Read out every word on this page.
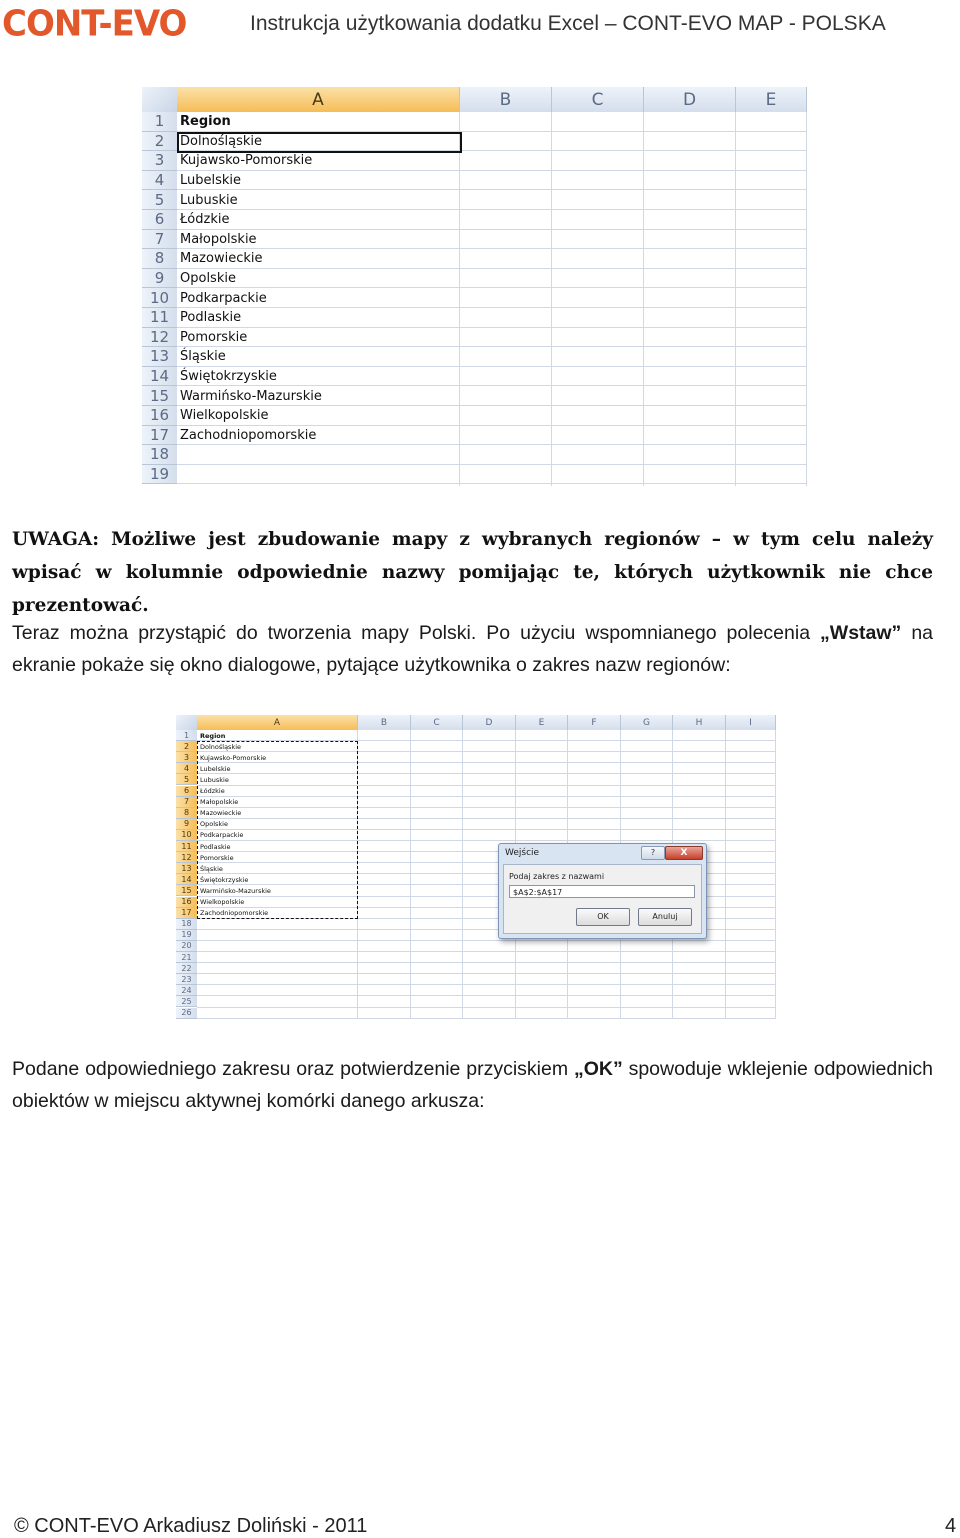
CONT-EVO	Instrukcja użytkowania dodatku Excel – CONT-EVO MAP - POLSKA
A	B	C	D	E
1	Region
2	Dolnośląskie
3	Kujawsko-Pomorskie
4	Lubelskie
5	Lubuskie
6	Łódzkie
7	Małopolskie
8	Mazowieckie
9	Opolskie
10 Podkarpackie
11 Podlaskie
12 Pomorskie
13 Śląskie
14 Świętokrzyskie
15 Warmińsko-Mazurskie
16 Wielkopolskie
17 Zachodniopomorskie
18
19
UWAGA: Możliwe jest zbudowanie mapy z wybranych regionów – w tym celu należy wpisać w kolumnie odpowiednie nazwy pomijając te, których użytkownik nie chce prezentować.
Teraz można przystąpić do tworzenia mapy Polski. Po użyciu wspomnianego polecenia „Wstaw” na ekranie pokaże się okno dialogowe, pytające użytkownika o zakres nazw regionów:
A	B	C	D	E	F	G	H	I
1	Region
2	Dolnośląskie
3	Kujawsko-Pomorskie
4	Lubelskie
5	Lubuskie
6	Łódzkie
7	Małopolskie
8	Mazowieckie
9	Opolskie
10	Podkarpackie
11	Podlaskie
12	Pomorskie
13	Śląskie
14	Świętokrzyskie
15	Warmińsko-Mazurskie
16	Wielkopolskie
17	Zachodniopomorskie
18
19
20
21
22
23
24
25
26
Wejście	?	X
Podaj zakres z nazwami
$A$2:$A$17
OK	Anuluj
Podane odpowiedniego zakresu oraz potwierdzenie przyciskiem „OK” spowoduje wklejenie odpowiednich obiektów w miejscu aktywnej komórki danego arkusza:
© CONT-EVO Arkadiusz Doliński - 2011	4
